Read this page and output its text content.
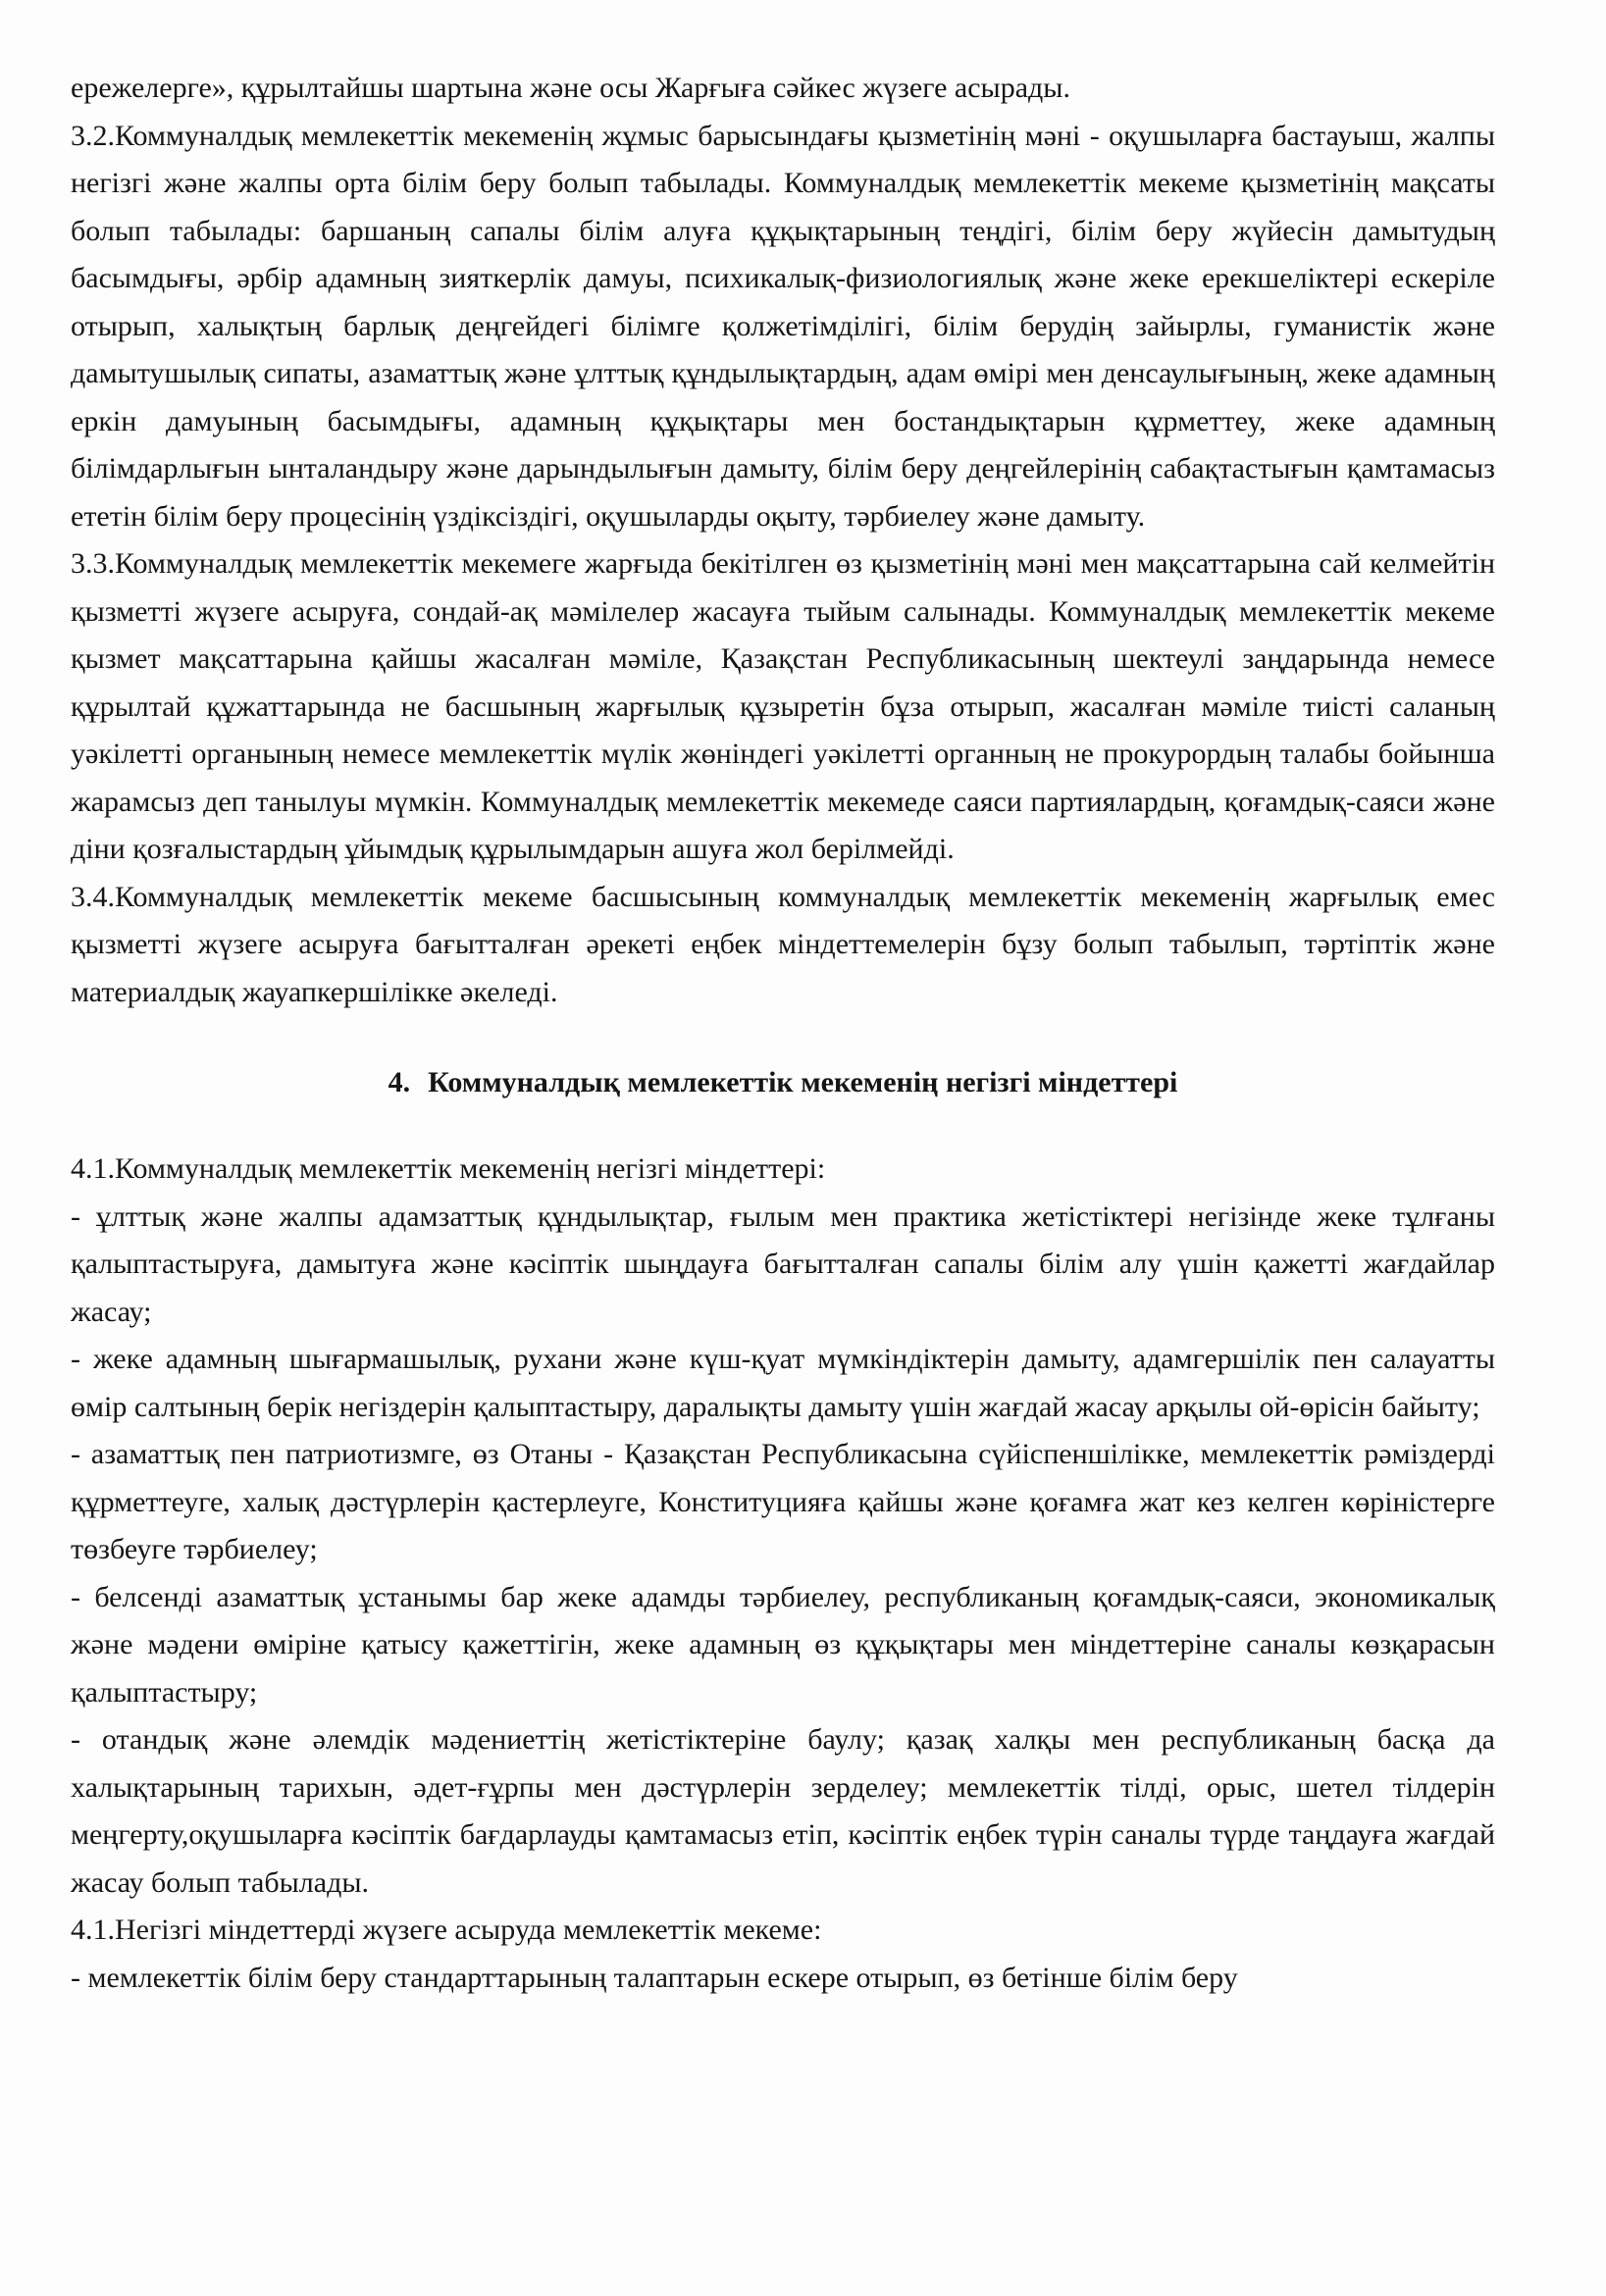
ережелерге», құрылтайшы шартына және осы Жарғыға сәйкес жүзеге асырады.

3.2.Коммуналдық мемлекеттік мекеменің жұмыс барысындағы қызметінің мәні - оқушыларға бастауыш, жалпы негізгі және жалпы орта білім беру болып табылады. Коммуналдық мемлекеттік мекеме қызметінің мақсаты болып табылады: баршаның сапалы білім алуға құқықтарының теңдігі, білім беру жүйесін дамытудың басымдығы, әрбір адамның зияткерлік дамуы, психикалық-физиологиялық және жеке ерекшеліктері ескеріле отырып, халықтың барлық деңгейдегі білімге қолжетімділігі, білім берудің зайырлы, гуманистік және дамытушылық сипаты, азаматтық және ұлттық құндылықтардың, адам өмірі мен денсаулығының, жеке адамның еркін дамуының басымдығы, адамның құқықтары мен бостандықтарын құрметтеу, жеке адамның білімдарлығын ынталандыру және дарындылығын дамыту, білім беру деңгейлерінің сабақтастығын қамтамасыз ететін білім беру процесінің үздіксіздігі, оқушыларды оқыту, тәрбиелеу және дамыту.

3.3.Коммуналдық мемлекеттік мекемеге жарғыда бекітілген өз қызметінің мәні мен мақсаттарына сай келмейтін қызметті жүзеге асыруға, сондай-ақ мәмілелер жасауға тыйым салынады. Коммуналдық мемлекеттік мекеме қызмет мақсаттарына қайшы жасалған мәміле, Қазақстан Республикасының шектеулі заңдарында немесе құрылтай құжаттарында не басшының жарғылық құзыретін бұза отырып, жасалған мәміле тиісті саланың уәкілетті органының немесе мемлекеттік мүлік жөніндегі уәкілетті органның не прокурордың талабы бойынша жарамсыз деп танылуы мүмкін. Коммуналдық мемлекеттік мекемеде саяси партиялардың, қоғамдық-саяси және діни қозғалыстардың ұйымдық құрылымдарын ашуға жол берілмейді.

3.4.Коммуналдық мемлекеттік мекеме басшысының коммуналдық мемлекеттік мекеменің жарғылық емес қызметті жүзеге асыруға бағытталған әрекеті еңбек міндеттемелерін бұзу болып табылып, тәртіптік және материалдық жауапкершілікке әкеледі.

4. Коммуналдық мемлекеттік мекеменің негізгі міндеттері

4.1.Коммуналдық мемлекеттік мекеменің негізгі міндеттері:

- ұлттық және жалпы адамзаттық құндылықтар, ғылым мен практика жетістіктері негізінде жеке тұлғаны қалыптастыруға, дамытуға және кәсіптік шыңдауға бағытталған сапалы білім алу үшін қажетті жағдайлар жасау;

- жеке адамның шығармашылық, рухани және күш-қуат мүмкіндіктерін дамыту, адамгершілік пен салауатты өмір салтының берік негіздерін қалыптастыру, даралықты дамыту үшін жағдай жасау арқылы ой-өрісін байыту;

- азаматтық пен патриотизмге, өз Отаны - Қазақстан Республикасына сүйіспеншілікке, мемлекеттік рәміздерді құрметтеуге, халық дәстүрлерін қастерлеуге, Конституцияға қайшы және қоғамға жат кез келген көріністерге төзбеуге тәрбиелеу;

- белсенді азаматтық ұстанымы бар жеке адамды тәрбиелеу, республиканың қоғамдық-саяси, экономикалық және мәдени өміріне қатысу қажеттігін, жеке адамның өз құқықтары мен міндеттеріне саналы көзқарасын қалыптастыру;

- отандық және әлемдік мәдениеттің жетістіктеріне баулу; қазақ халқы мен республиканың басқа да халықтарының тарихын, әдет-ғұрпы мен дәстүрлерін зерделеу; мемлекеттік тілді, орыс, шетел тілдерін меңгерту,оқушыларға кәсіптік бағдарлауды қамтамасыз етіп, кәсіптік еңбек түрін саналы түрде таңдауға жағдай жасау болып табылады.

4.1.Негізгі міндеттерді жүзеге асыруда мемлекеттік мекеме:

- мемлекеттік білім беру стандарттарының талаптарын ескере отырып, өз бетінше білім беру
